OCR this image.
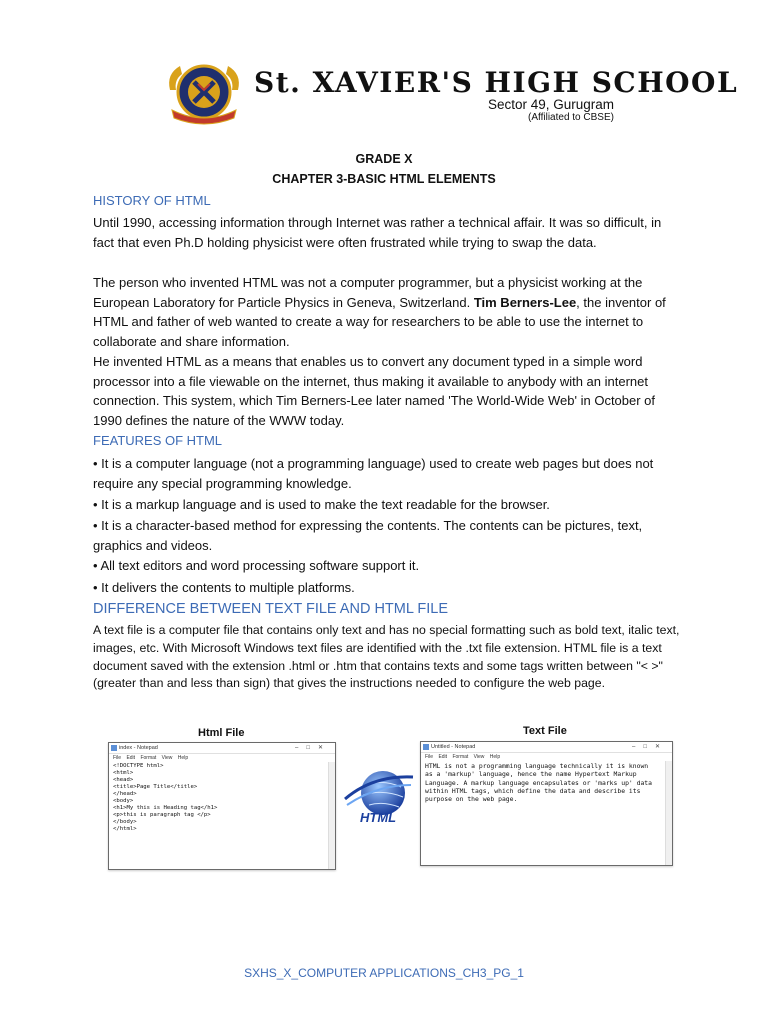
St. XAVIER'S HIGH SCHOOL
Sector 49, Gurugram
(Affiliated to CBSE)
GRADE X
CHAPTER 3-BASIC HTML ELEMENTS
HISTORY OF HTML
Until 1990, accessing information through Internet was rather a technical affair. It was so difficult, in fact that even Ph.D holding physicist were often frustrated while trying to swap the data.
The person who invented HTML was not a computer programmer, but a physicist working at the European Laboratory for Particle Physics in Geneva, Switzerland. Tim Berners-Lee, the inventor of HTML and father of web wanted to create a way for researchers to be able to use the internet to collaborate and share information.
He invented HTML as a means that enables us to convert any document typed in a simple word processor into a file viewable on the internet, thus making it available to anybody with an internet connection. This system, which Tim Berners-Lee later named 'The World-Wide Web' in October of 1990 defines the nature of the WWW today.
FEATURES OF HTML
• It is a computer language (not a programming language) used to create web pages but does not require any special programming knowledge.
• It is a markup language and is used to make the text readable for the browser.
• It is a character-based method for expressing the contents. The contents can be pictures, text, graphics and videos.
• All text editors and word processing software support it.
• It delivers the contents to multiple platforms.
DIFFERENCE BETWEEN TEXT FILE AND HTML FILE
A text file is a computer file that contains only text and has no special formatting such as bold text, italic text, images, etc. With Microsoft Windows text files are identified with the .txt file extension. HTML file is a text document saved with the extension .html or .htm that contains texts and some tags written between "< >"(greater than and less than sign) that gives the instructions needed to configure the web page.
Html File	Text File
index - Notepad	–□✕
File Edit Format View Help
<!DOCTYPE html>
<html>
<head>
<title>Page Title</title>
</head>
<body>
<h1>My this is Heading tag</h1>
<p>this is paragraph tag </p>
</body>
</html>
HTML
Untitled - Notepad	–□✕
File Edit Format View Help
HTML is not a programming language technically it is known as a 'markup' language, hence the name Hypertext Markup Language. A markup language encapsulates or 'marks up' data within HTML tags, which define the data and describe its purpose on the web page.
SXHS_X_COMPUTER APPLICATIONS_CH3_PG_1
